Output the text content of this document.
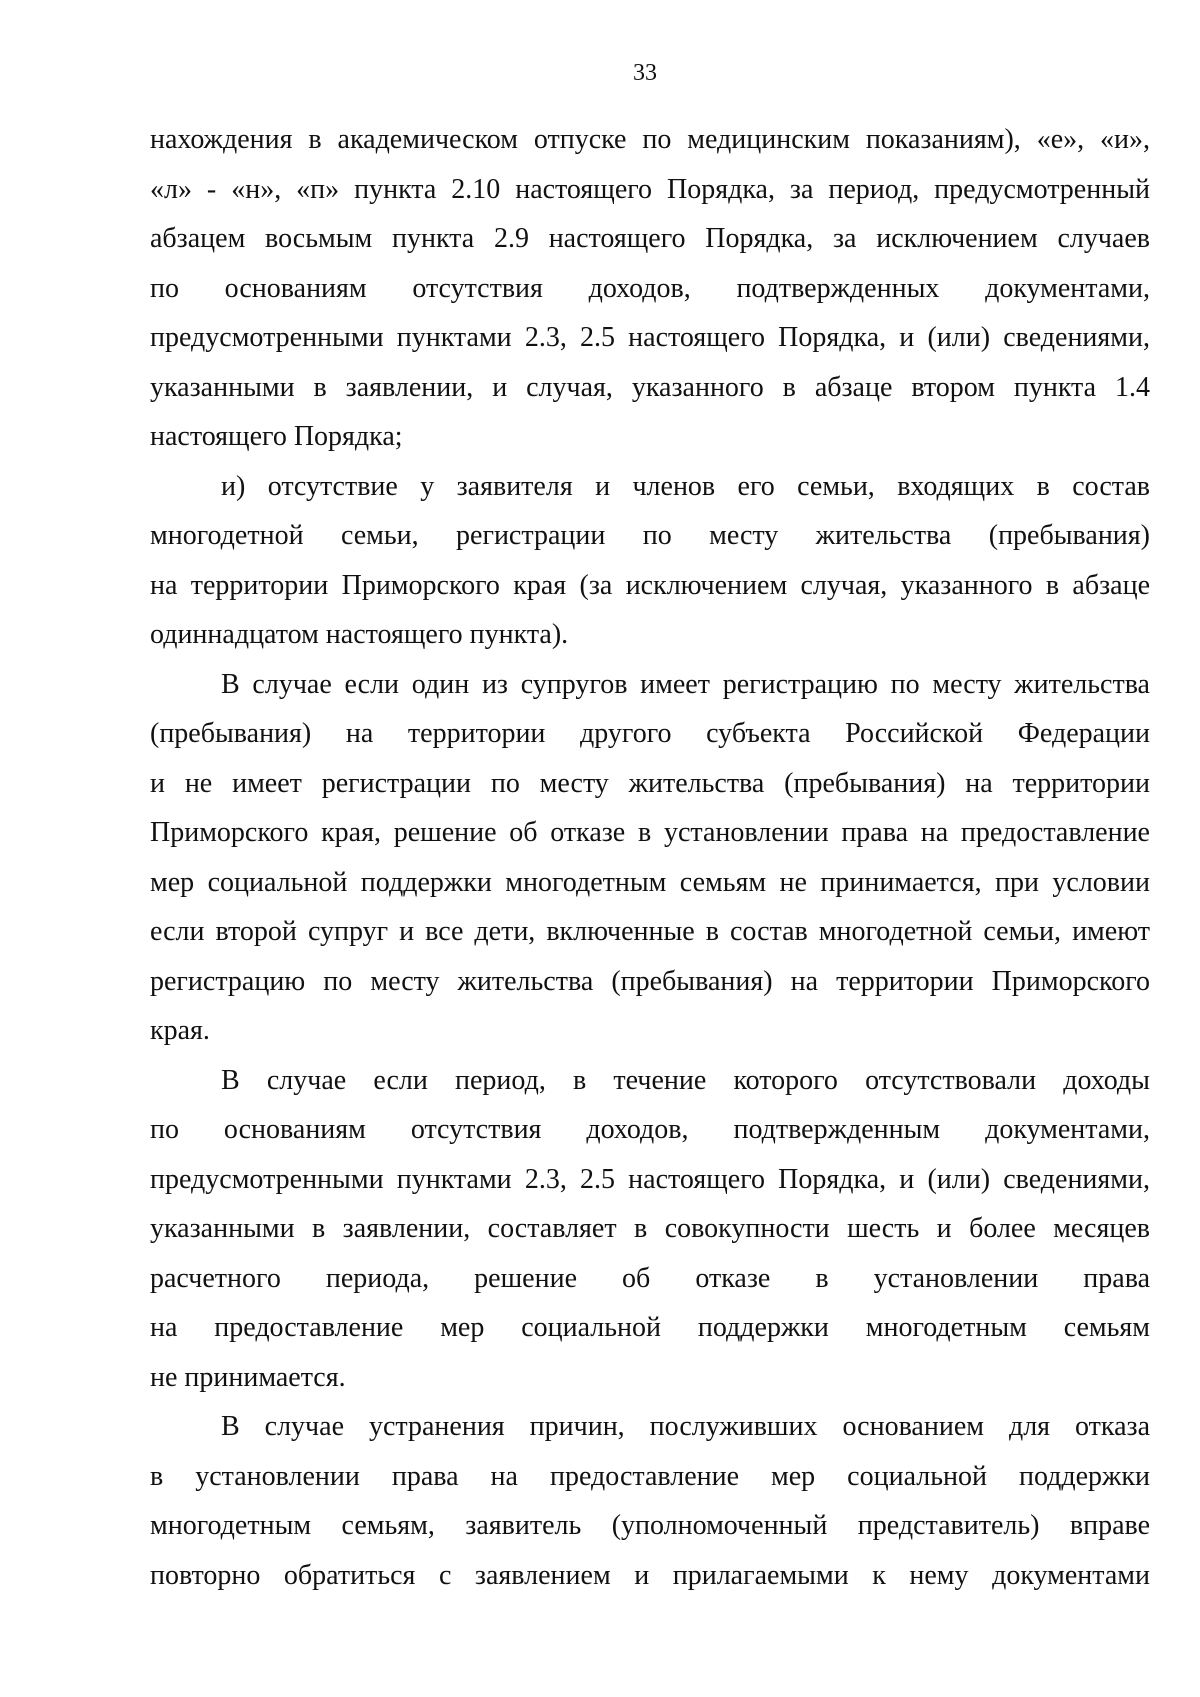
33
нахождения в академическом отпуске по медицинским показаниям), «е», «и»,
«л» - «н», «п» пункта 2.10 настоящего Порядка, за период, предусмотренный
абзацем восьмым пункта 2.9 настоящего Порядка, за исключением случаев
по основаниям отсутствия доходов, подтвержденных документами,
предусмотренными пунктами 2.3, 2.5 настоящего Порядка, и (или) сведениями,
указанными в заявлении, и случая, указанного в абзаце втором пункта 1.4
настоящего Порядка;
и) отсутствие у заявителя и членов его семьи, входящих в состав
многодетной семьи, регистрации по месту жительства (пребывания)
на территории Приморского края (за исключением случая, указанного в абзаце
одиннадцатом настоящего пункта).
В случае если один из супругов имеет регистрацию по месту жительства
(пребывания) на территории другого субъекта Российской Федерации
и не имеет регистрации по месту жительства (пребывания) на территории
Приморского края, решение об отказе в установлении права на предоставление
мер социальной поддержки многодетным семьям не принимается, при условии
если второй супруг и все дети, включенные в состав многодетной семьи, имеют
регистрацию по месту жительства (пребывания) на территории Приморского
края.
В случае если период, в течение которого отсутствовали доходы
по основаниям отсутствия доходов, подтвержденным документами,
предусмотренными пунктами 2.3, 2.5 настоящего Порядка, и (или) сведениями,
указанными в заявлении, составляет в совокупности шесть и более месяцев
расчетного периода, решение об отказе в установлении права
на предоставление мер социальной поддержки многодетным семьям
не принимается.
В случае устранения причин, послуживших основанием для отказа
в установлении права на предоставление мер социальной поддержки
многодетным семьям, заявитель (уполномоченный представитель) вправе
повторно обратиться с заявлением и прилагаемыми к нему документами
